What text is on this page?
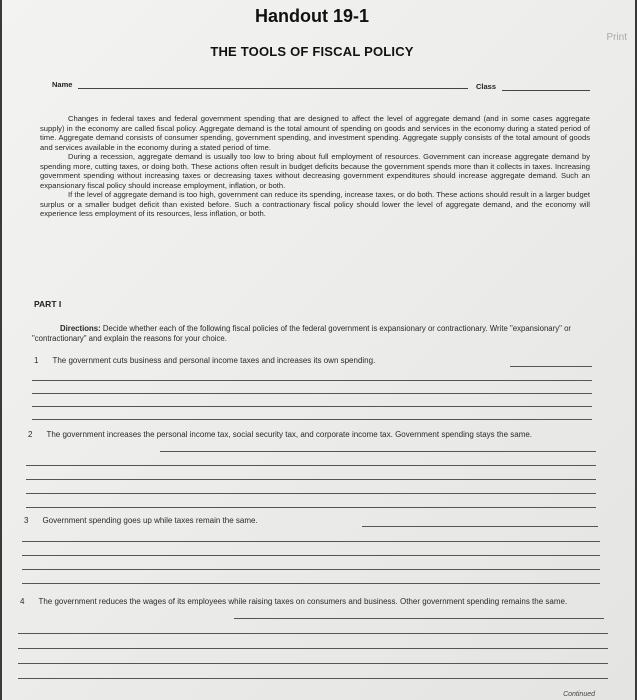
Handout 19-1
Print
THE TOOLS OF FISCAL POLICY
Name	Class

Changes in federal taxes and federal government spending that are designed to affect the level of aggregate demand (and in some cases aggregate supply) in the economy are called fiscal policy. Aggregate demand is the total amount of spending on goods and services in the economy during a stated period of time. Aggregate demand consists of consumer spending, government spending, and investment spending. Aggregate supply consists of the total amount of goods and services available in the economy during a stated period of time.

During a recession, aggregate demand is usually too low to bring about full employment of resources. Government can increase aggregate demand by spending more, cutting taxes, or doing both. These actions often result in budget deficits because the government spends more than it collects in taxes. Increasing government spending without increasing taxes or decreasing taxes without decreasing government expenditures should increase aggregate demand. Such an expansionary fiscal policy should increase employment, inflation, or both.

If the level of aggregate demand is too high, government can reduce its spending, increase taxes, or do both. These actions should result in a larger budget surplus or a smaller budget deficit than existed before. Such a contractionary fiscal policy should lower the level of aggregate demand, and the economy will experience less employment of its resources, less inflation, or both.

PART I
Directions: Decide whether each of the following fiscal policies of the federal government is expansionary or contractionary. Write "expansionary" or "contractionary" and explain the reasons for your choice.
1 The government cuts business and personal income taxes and increases its own spending.
2 The government increases the personal income tax, social security tax, and corporate income tax. Government spending stays the same.
3 Government spending goes up while taxes remain the same.
4 The government reduces the wages of its employees while raising taxes on consumers and business. Other government spending remains the same.
Continued
